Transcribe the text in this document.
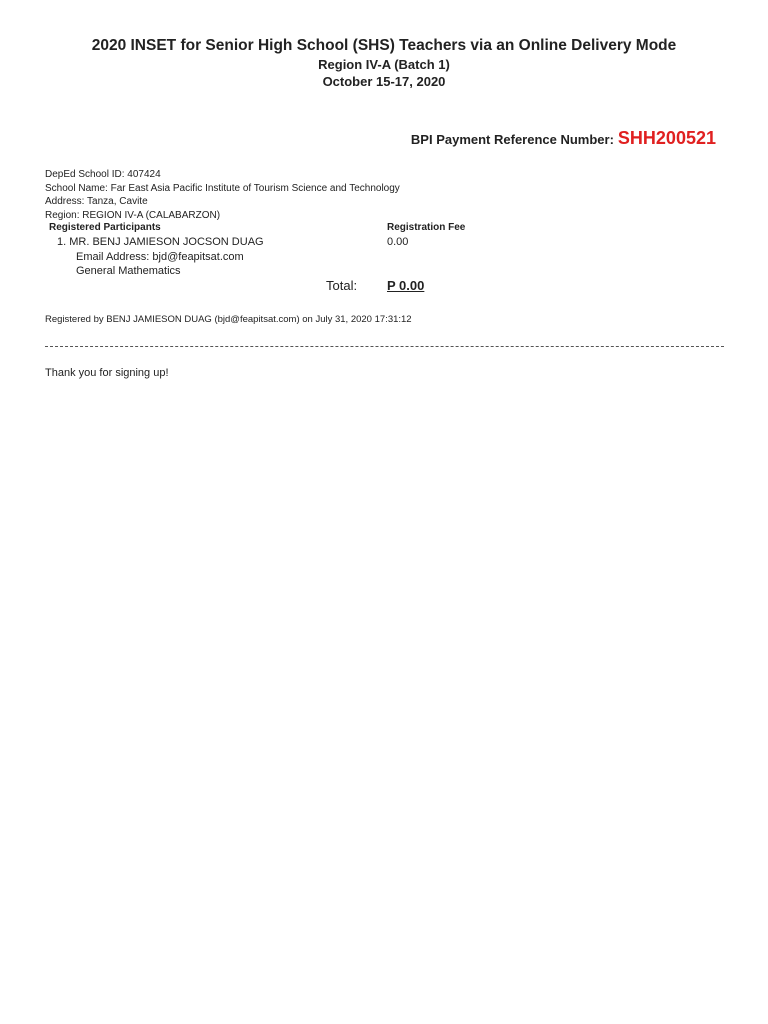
2020 INSET for Senior High School (SHS) Teachers via an Online Delivery Mode

Region IV-A (Batch 1)

October 15-17, 2020

BPI Payment Reference Number: SHH200521
DepEd School ID: 407424
School Name: Far East Asia Pacific Institute of Tourism Science and Technology
Address: Tanza, Cavite
Region: REGION IV-A (CALABARZON)
Registered Participants	Registration Fee
1. MR. BENJ JAMIESON JOCSON DUAG
Email Address: bjd@feapitsat.com
General Mathematics
0.00
Total: P 0.00
Registered by BENJ JAMIESON DUAG (bjd@feapitsat.com) on July 31, 2020 17:31:12
Thank you for signing up!
